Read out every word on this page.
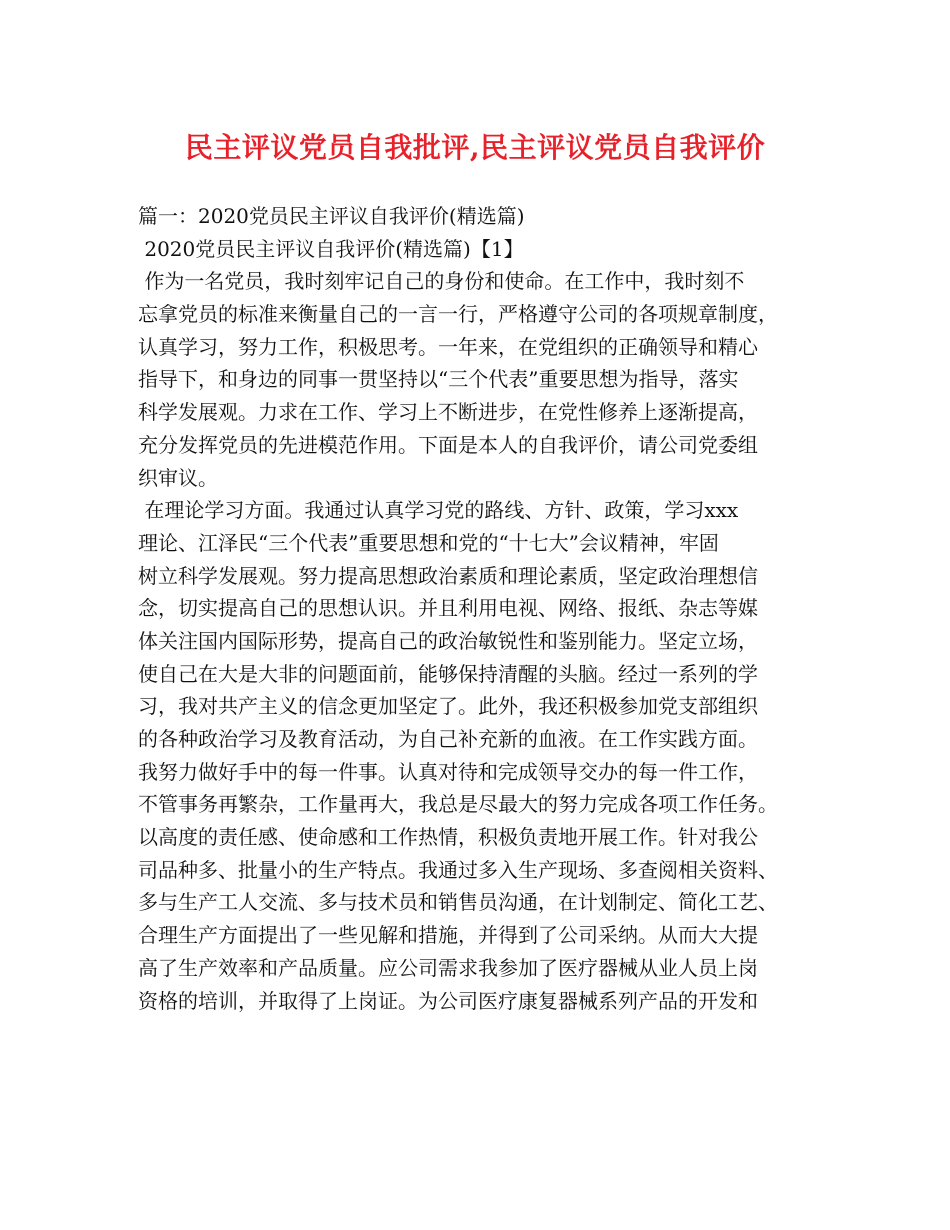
民主评议党员自我批评,民主评议党员自我评价
篇一：2020党员民主评议自我评价(精选篇)
2020党员民主评议自我评价(精选篇)【1】
作为一名党员，我时刻牢记自己的身份和使命。在工作中，我时刻不
忘拿党员的标准来衡量自己的一言一行，严格遵守公司的各项规章制度，
认真学习，努力工作，积极思考。一年来，在党组织的正确领导和精心
指导下，和身边的同事一贯坚持以“三个代表”重要思想为指导，落实
科学发展观。力求在工作、学习上不断进步，在党性修养上逐渐提高，
充分发挥党员的先进模范作用。下面是本人的自我评价，请公司党委组
织审议。
在理论学习方面。我通过认真学习党的路线、方针、政策，学习xxx
理论、江泽民“三个代表”重要思想和党的“十七大”会议精神，牢固
树立科学发展观。努力提高思想政治素质和理论素质，坚定政治理想信
念，切实提高自己的思想认识。并且利用电视、网络、报纸、杂志等媒
体关注国内国际形势，提高自己的政治敏锐性和鉴别能力。坚定立场，
使自己在大是大非的问题面前，能够保持清醒的头脑。经过一系列的学
习，我对共产主义的信念更加坚定了。此外，我还积极参加党支部组织
的各种政治学习及教育活动，为自己补充新的血液。在工作实践方面。
我努力做好手中的每一件事。认真对待和完成领导交办的每一件工作，
不管事务再繁杂，工作量再大，我总是尽最大的努力完成各项工作任务。
以高度的责任感、使命感和工作热情，积极负责地开展工作。针对我公
司品种多、批量小的生产特点。我通过多入生产现场、多查阅相关资料、
多与生产工人交流、多与技术员和销售员沟通，在计划制定、简化工艺、
合理生产方面提出了一些见解和措施，并得到了公司采纳。从而大大提
高了生产效率和产品质量。应公司需求我参加了医疗器械从业人员上岗
资格的培训，并取得了上岗证。为公司医疗康复器械系列产品的开发和
